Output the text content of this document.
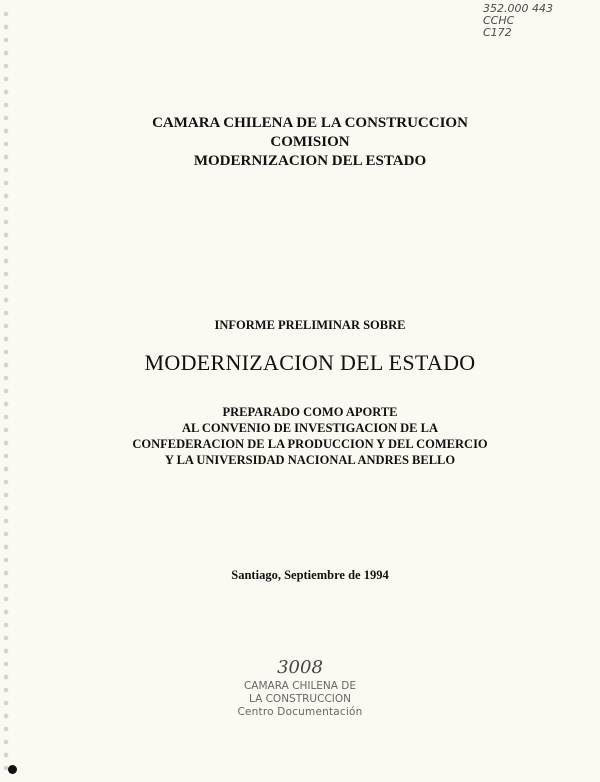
352.000 443
CCHC
C172
CAMARA CHILENA DE LA CONSTRUCCION
COMISION
MODERNIZACION DEL ESTADO
INFORME PRELIMINAR SOBRE
MODERNIZACION DEL ESTADO
PREPARADO COMO APORTE
AL CONVENIO DE INVESTIGACION DE LA
CONFEDERACION DE LA PRODUCCION Y DEL COMERCIO
Y LA UNIVERSIDAD NACIONAL ANDRES BELLO
Santiago, Septiembre de 1994
3008
CAMARA CHILENA DE
LA CONSTRUCCION
Centro Documentación
